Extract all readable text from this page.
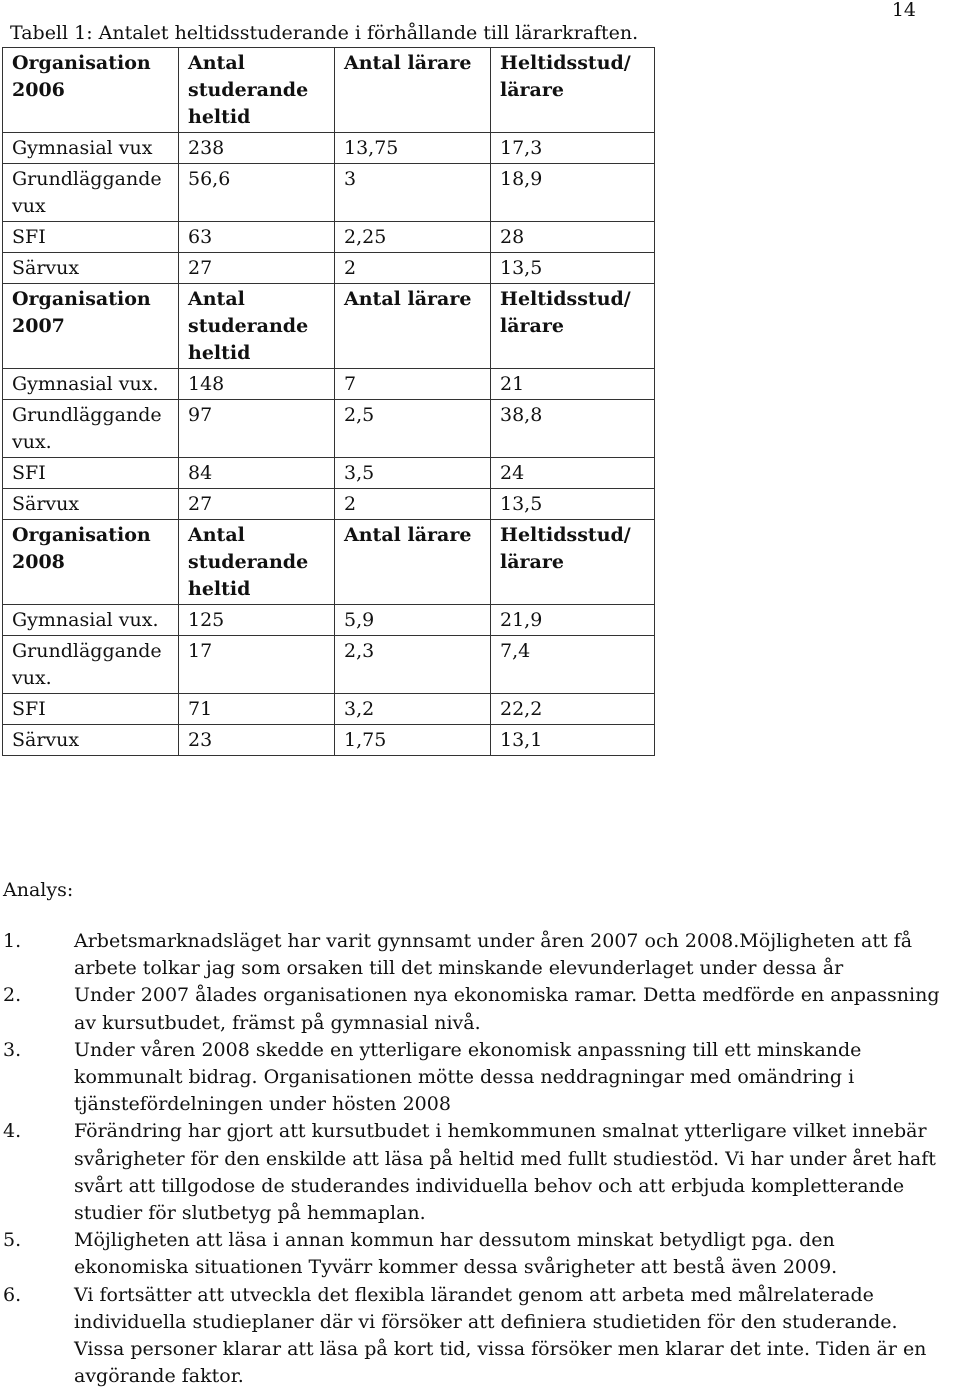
14
Tabell 1: Antalet heltidsstuderande i förhållande till lärarkraften.
Organisation 2006	Antal studerande heltid	Antal lärare	Heltidsstud/ lärare
Gymnasial vux	238	13,75	17,3
Grundläggande vux	56,6	3	18,9
SFI	63	2,25	28
Särvux	27	2	13,5
Organisation 2007	Antal studerande heltid	Antal lärare	Heltidsstud/ lärare
Gymnasial vux.	148	7	21
Grundläggande vux.	97	2,5	38,8
SFI	84	3,5	24
Särvux	27	2	13,5
Organisation 2008	Antal studerande heltid	Antal lärare	Heltidsstud/ lärare
Gymnasial vux.	125	5,9	21,9
Grundläggande vux.	17	2,3	7,4
SFI	71	3,2	22,2
Särvux	23	1,75	13,1
Analys:
1.	Arbetsmarknadsläget har varit gynnsamt under åren 2007 och 2008.Möjligheten att få arbete tolkar jag som orsaken till det minskande elevunderlaget under dessa år
2.	Under 2007 ålades organisationen nya ekonomiska ramar. Detta medförde en anpassning av kursutbudet, främst på gymnasial nivå.
3.	Under våren 2008 skedde en ytterligare ekonomisk anpassning till ett minskande kommunalt bidrag. Organisationen mötte dessa neddragningar med omändring i tjänstefördelningen under hösten 2008
4.	Förändring har gjort att kursutbudet i hemkommunen smalnat ytterligare vilket innebär svårigheter för den enskilde att läsa på heltid med fullt studiestöd. Vi har under året haft svårt att tillgodose de studerandes individuella behov och att erbjuda kompletterande studier för slutbetyg på hemmaplan.
5.	Möjligheten att läsa i annan kommun har dessutom minskat betydligt pga. den ekonomiska situationen Tyvärr kommer dessa svårigheter att bestå även 2009.
6.	Vi fortsätter att utveckla det flexibla lärandet genom att arbeta med målrelaterade individuella studieplaner där vi försöker att definiera studietiden för den studerande. Vissa personer klarar att läsa på kort tid, vissa försöker men klarar det inte. Tiden är en avgörande faktor.
